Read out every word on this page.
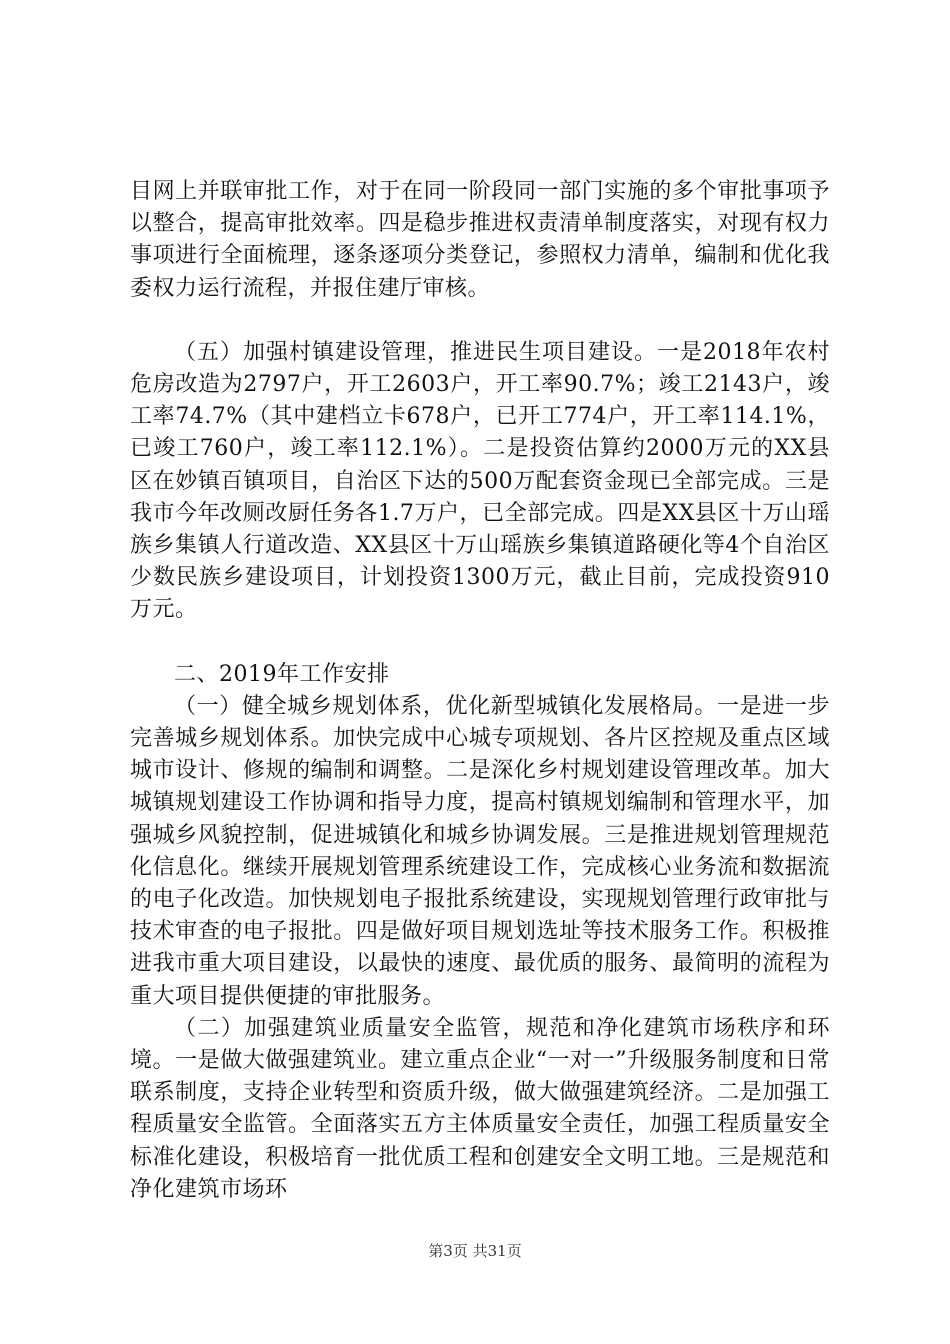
目网上并联审批工作，对于在同一阶段同一部门实施的多个审批事项予以整合，提高审批效率。四是稳步推进权责清单制度落实，对现有权力事项进行全面梳理，逐条逐项分类登记，参照权力清单，编制和优化我委权力运行流程，并报住建厅审核。

（五）加强村镇建设管理，推进民生项目建设。一是2018年农村危房改造为2797户，开工2603户，开工率90.7%；竣工2143户，竣工率74.7%（其中建档立卡678户，已开工774户，开工率114.1%，已竣工760户，竣工率112.1%）。二是投资估算约2000万元的XX县区在妙镇百镇项目，自治区下达的500万配套资金现已全部完成。三是我市今年改厕改厨任务各1.7万户，已全部完成。四是XX县区十万山瑶族乡集镇人行道改造、XX县区十万山瑶族乡集镇道路硬化等4个自治区少数民族乡建设项目，计划投资1300万元，截止目前，完成投资910万元。

二、2019年工作安排

（一）健全城乡规划体系，优化新型城镇化发展格局。一是进一步完善城乡规划体系。加快完成中心城专项规划、各片区控规及重点区域城市设计、修规的编制和调整。二是深化乡村规划建设管理改革。加大城镇规划建设工作协调和指导力度，提高村镇规划编制和管理水平，加强城乡风貌控制，促进城镇化和城乡协调发展。三是推进规划管理规范化信息化。继续开展规划管理系统建设工作，完成核心业务流和数据流的电子化改造。加快规划电子报批系统建设，实现规划管理行政审批与技术审查的电子报批。四是做好项目规划选址等技术服务工作。积极推进我市重大项目建设，以最快的速度、最优质的服务、最简明的流程为重大项目提供便捷的审批服务。

（二）加强建筑业质量安全监管，规范和净化建筑市场秩序和环境。一是做大做强建筑业。建立重点企业“一对一”升级服务制度和日常联系制度，支持企业转型和资质升级，做大做强建筑经济。二是加强工程质量安全监管。全面落实五方主体质量安全责任，加强工程质量安全标准化建设，积极培育一批优质工程和创建安全文明工地。三是规范和净化建筑市场环

第3页 共31页
